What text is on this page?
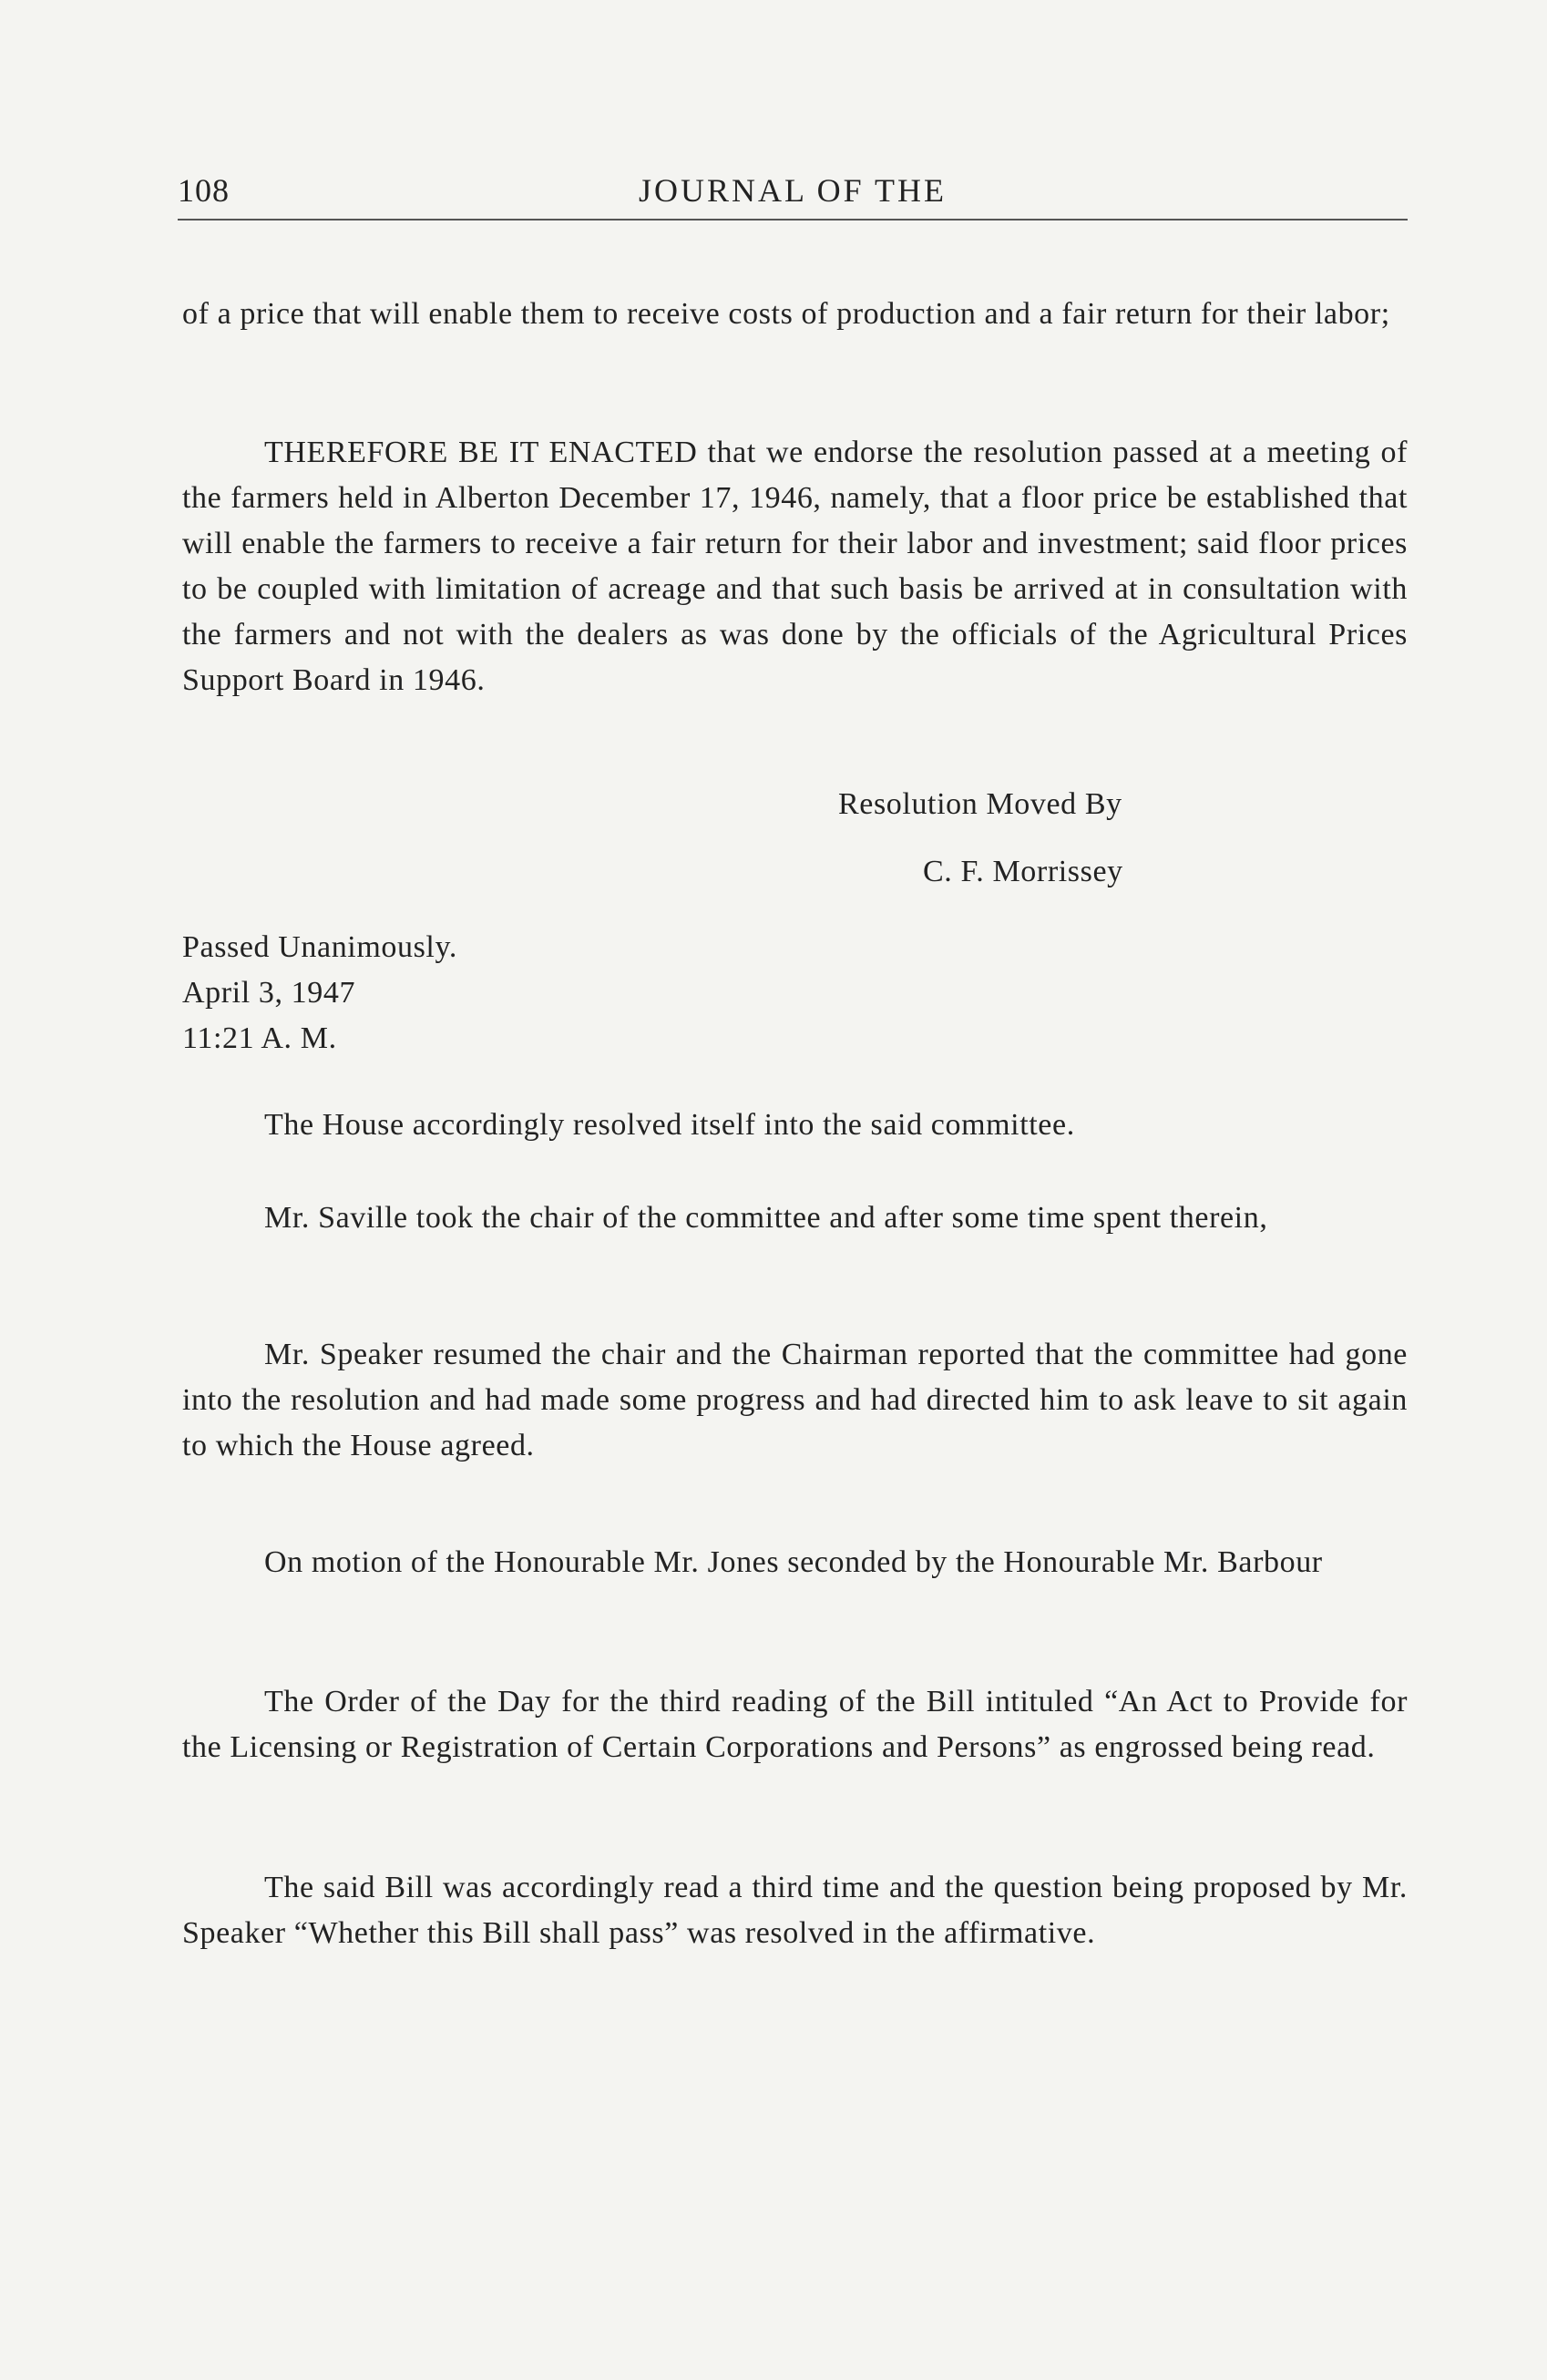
108	JOURNAL OF THE

of a price that will enable them to receive costs of production and a fair return for their labor;

THEREFORE BE IT ENACTED that we endorse the resolution passed at a meeting of the farmers held in Alberton December 17, 1946, namely, that a floor price be established that will enable the farmers to receive a fair return for their labor and investment; said floor prices to be coupled with limitation of acreage and that such basis be arrived at in consultation with the farmers and not with the dealers as was done by the officials of the Agricultural Prices Support Board in 1946.

Resolution Moved By
C. F. Morrissey
Passed Unanimously.
April 3, 1947
11:21 A. M.

The House accordingly resolved itself into the said committee.

Mr. Saville took the chair of the committee and after some time spent therein,

Mr. Speaker resumed the chair and the Chairman reported that the committee had gone into the resolution and had made some progress and had directed him to ask leave to sit again to which the House agreed.

On motion of the Honourable Mr. Jones seconded by the Honourable Mr. Barbour

The Order of the Day for the third reading of the Bill intituled “An Act to Provide for the Licensing or Registration of Certain Corporations and Persons” as engrossed being read.

The said Bill was accordingly read a third time and the question being proposed by Mr. Speaker “Whether this Bill shall pass” was resolved in the affirmative.
